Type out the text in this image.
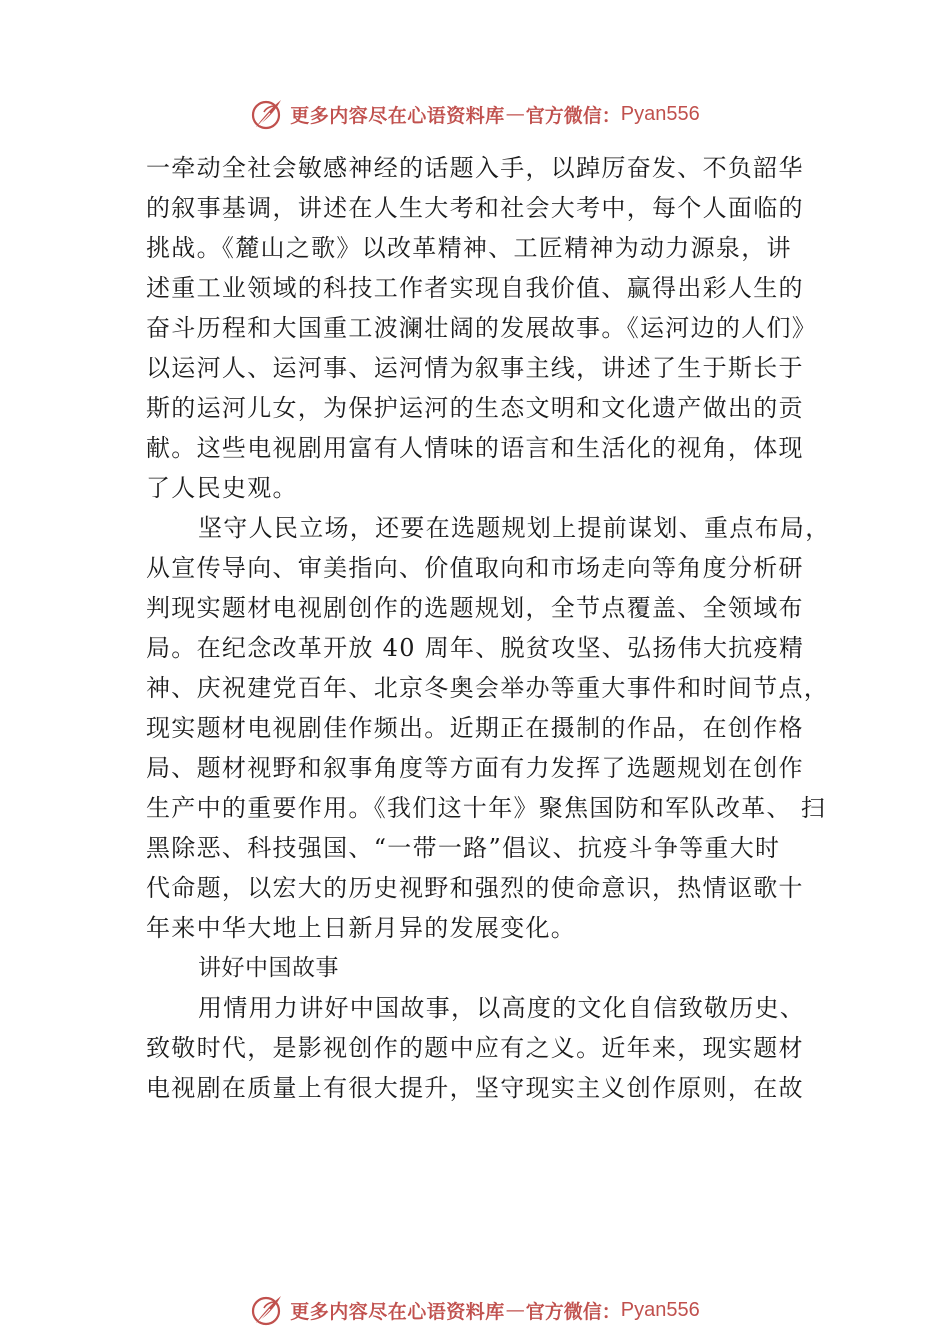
更多内容尽在心语资料库 — 官方微信： Pyan556
一牵动全社会敏感神经的话题入手，以踔厉奋发、不负韶华
的叙事基调，讲述在人生大考和社会大考中，每个人面临的
挑战。《麓山之歌》以改革精神、工匠精神为动力源泉，讲
述重工业领域的科技工作者实现自我价值、赢得出彩人生的
奋斗历程和大国重工波澜壮阔的发展故事。《运河边的人们》
以运河人、运河事、运河情为叙事主线，讲述了生于斯长于
斯的运河儿女，为保护运河的生态文明和文化遗产做出的贡
献。这些电视剧用富有人情味的语言和生活化的视角，体现
了人民史观。
坚守人民立场，还要在选题规划上提前谋划、重点布局，
从宣传导向、审美指向、价值取向和市场走向等角度分析研
判现实题材电视剧创作的选题规划，全节点覆盖、全领域布
局。在纪念改革开放 40 周年、脱贫攻坚、弘扬伟大抗疫精
神、庆祝建党百年、北京冬奥会举办等重大事件和时间节点，
现实题材电视剧佳作频出。近期正在摄制的作品，在创作格
局、题材视野和叙事角度等方面有力发挥了选题规划在创作
生产中的重要作用。《我们这十年》聚焦国防和军队改革、 扫
黑除恶、科技强国、“一带一路”倡议、抗疫斗争等重大时
代命题，以宏大的历史视野和强烈的使命意识，热情讴歌十
年来中华大地上日新月异的发展变化。
讲好中国故事
用情用力讲好中国故事，以高度的文化自信致敬历史、
致敬时代，是影视创作的题中应有之义。近年来，现实题材
电视剧在质量上有很大提升，坚守现实主义创作原则，在故
更多内容尽在心语资料库 — 官方微信： Pyan556
